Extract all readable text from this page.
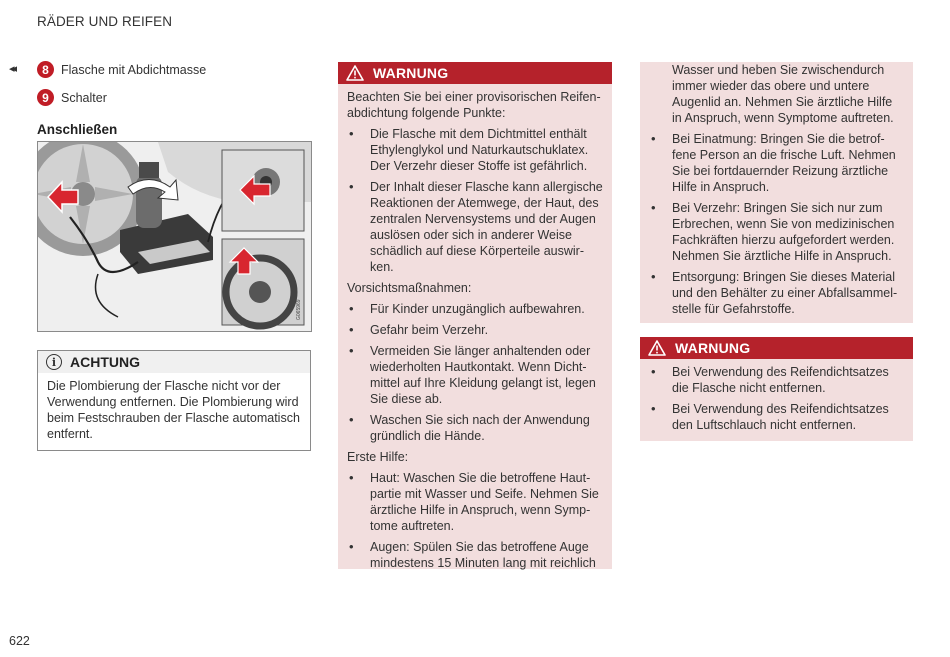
RÄDER UND REIFEN
◂◂	8 Flasche mit Abdichtmasse
9 Schalter
Anschließen
G065969
i ACHTUNG
Die Plombierung der Flasche nicht vor der Verwendung entfernen. Die Plombierung wird beim Festschrauben der Flasche automatisch entfernt.
WARNUNG

Beachten Sie bei einer provisorischen Reifenabdichtung folgende Punkte:

• Die Flasche mit dem Dichtmittel enthält Ethylenglykol und Naturkautschuklatex. Der Verzehr dieser Stoffe ist gefährlich.
• Der Inhalt dieser Flasche kann allergische Reaktionen der Atemwege, der Haut, des zentralen Nervensystems und der Augen auslösen oder sich in anderer Weise schädlich auf diese Körperteile auswirken.

Vorsichtsmaßnahmen:

• Für Kinder unzugänglich aufbewahren.
• Gefahr beim Verzehr.
• Vermeiden Sie länger anhaltenden oder wiederholten Hautkontakt. Wenn Dichtmittel auf Ihre Kleidung gelangt ist, legen Sie diese ab.
• Waschen Sie sich nach der Anwendung gründlich die Hände.

Erste Hilfe:

• Haut: Waschen Sie die betroffene Hautpartie mit Wasser und Seife. Nehmen Sie ärztliche Hilfe in Anspruch, wenn Symptome auftreten.
• Augen: Spülen Sie das betroffene Auge mindestens 15 Minuten lang mit reichlich
Wasser und heben Sie zwischendurch immer wieder das obere und untere Augenlid an. Nehmen Sie ärztliche Hilfe in Anspruch, wenn Symptome auftreten.
• Bei Einatmung: Bringen Sie die betroffene Person an die frische Luft. Nehmen Sie bei fortdauernder Reizung ärztliche Hilfe in Anspruch.
• Bei Verzehr: Bringen Sie sich nur zum Erbrechen, wenn Sie von medizinischen Fachkräften hierzu aufgefordert werden. Nehmen Sie ärztliche Hilfe in Anspruch.
• Entsorgung: Bringen Sie dieses Material und den Behälter zu einer Abfallsammelstelle für Gefahrstoffe.
WARNUNG
• Bei Verwendung des Reifendichtsatzes die Flasche nicht entfernen.
• Bei Verwendung des Reifendichtsatzes den Luftschlauch nicht entfernen.
622
